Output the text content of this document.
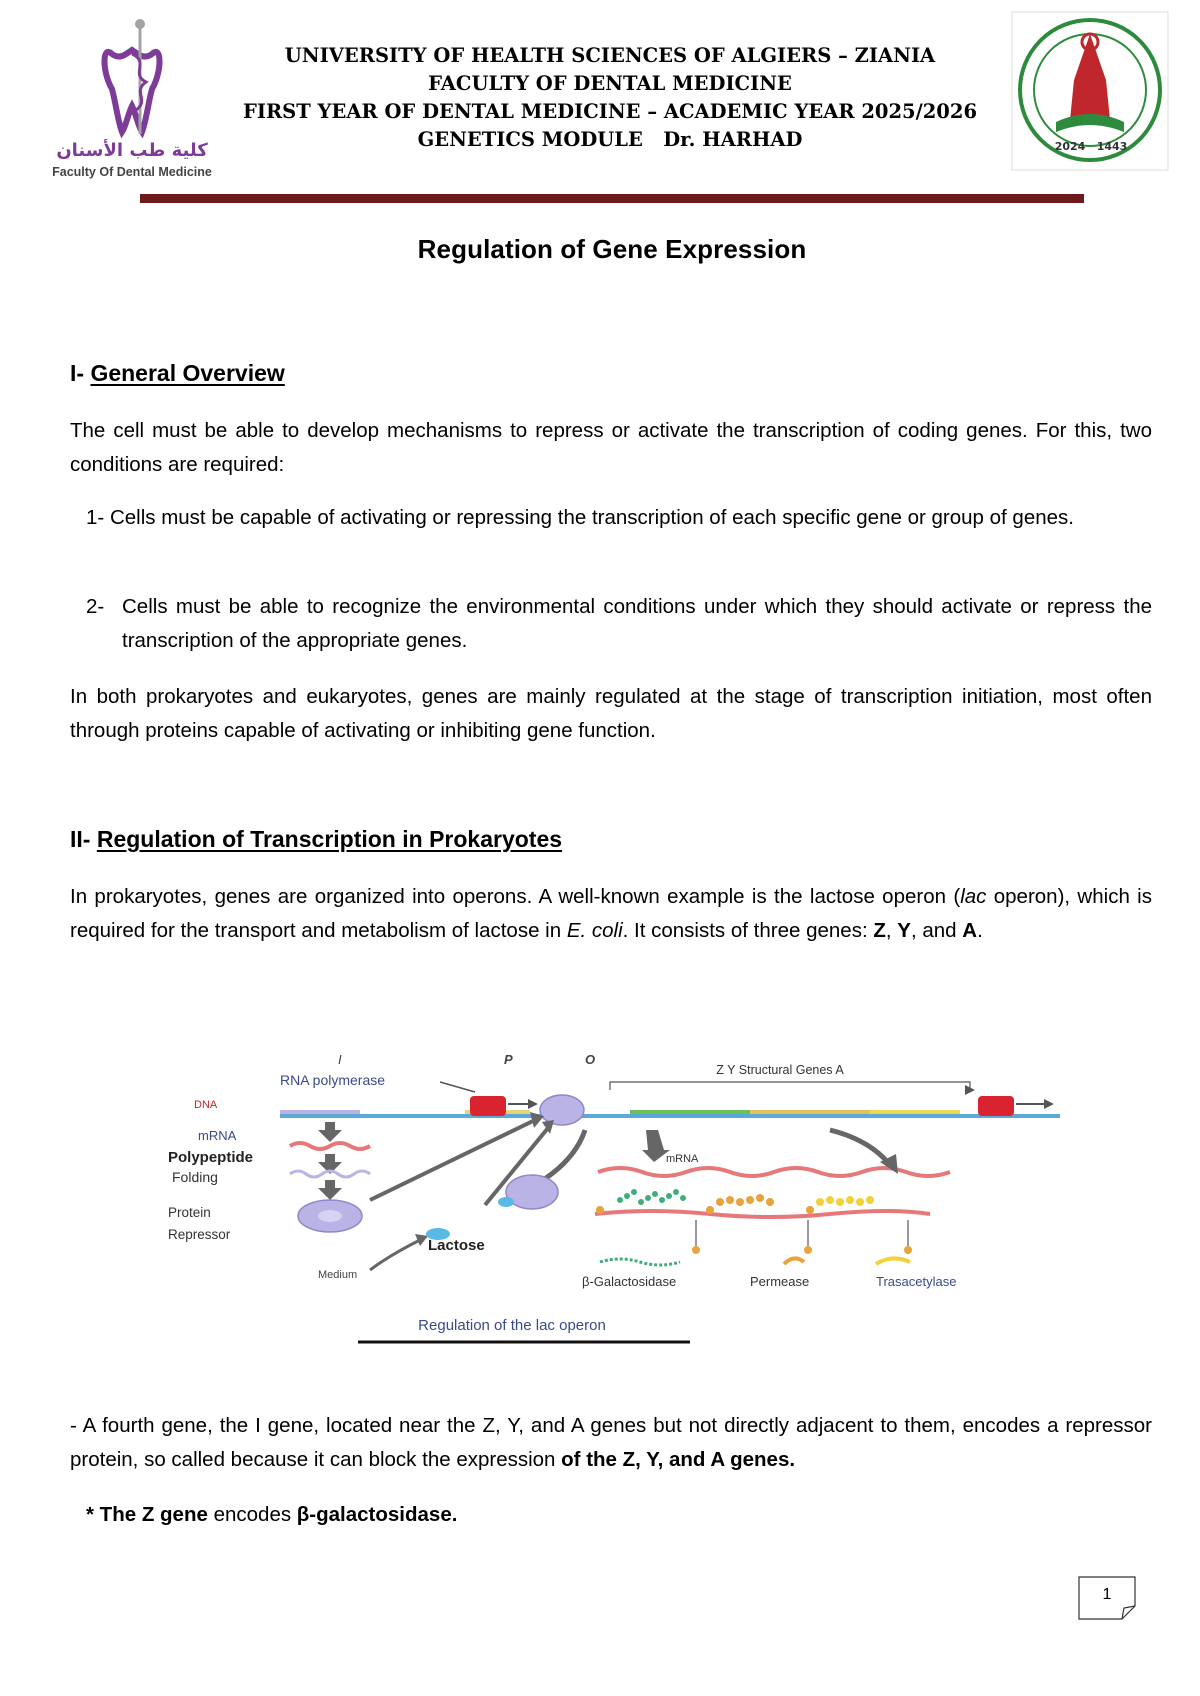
كلية طب الأسنان
Faculty Of Dental Medicine
UNIVERSITY OF HEALTH SCIENCES OF ALGIERS – ZIANIA
FACULTY OF DENTAL MEDICINE
FIRST YEAR OF DENTAL MEDICINE – ACADEMIC YEAR 2025/2026
GENETICS MODULE   Dr. HARHAD	2024 1443
Regulation of Gene Expression
I- General Overview
The cell must be able to develop mechanisms to repress or activate the transcription of coding genes. For this, two conditions are required:
1- Cells must be capable of activating or repressing the transcription of each specific gene or group of genes.
2- Cells must be able to recognize the environmental conditions under which they should activate or repress the transcription of the appropriate genes.
In both prokaryotes and eukaryotes, genes are mainly regulated at the stage of transcription initiation, most often through proteins capable of activating or inhibiting gene function.
II- Regulation of Transcription in Prokaryotes
In prokaryotes, genes are organized into operons. A well-known example is the lactose operon (lac operon), which is required for the transport and metabolism of lactose in E. coli. It consists of three genes: Z, Y, and A.
I	P	O
RNA polymerase
Z Y Structural Genes A
DNA
mRNA
Polypeptide
Folding
Protein
Repressor
Medium
Lactose
mRNA
β-Galactosidase	Permease	Trasacetylase
Regulation of the lac operon
- A fourth gene, the I gene, located near the Z, Y, and A genes but not directly adjacent to them, encodes a repressor protein, so called because it can block the expression of the Z, Y, and A genes.
* The Z gene encodes β-galactosidase.
1
